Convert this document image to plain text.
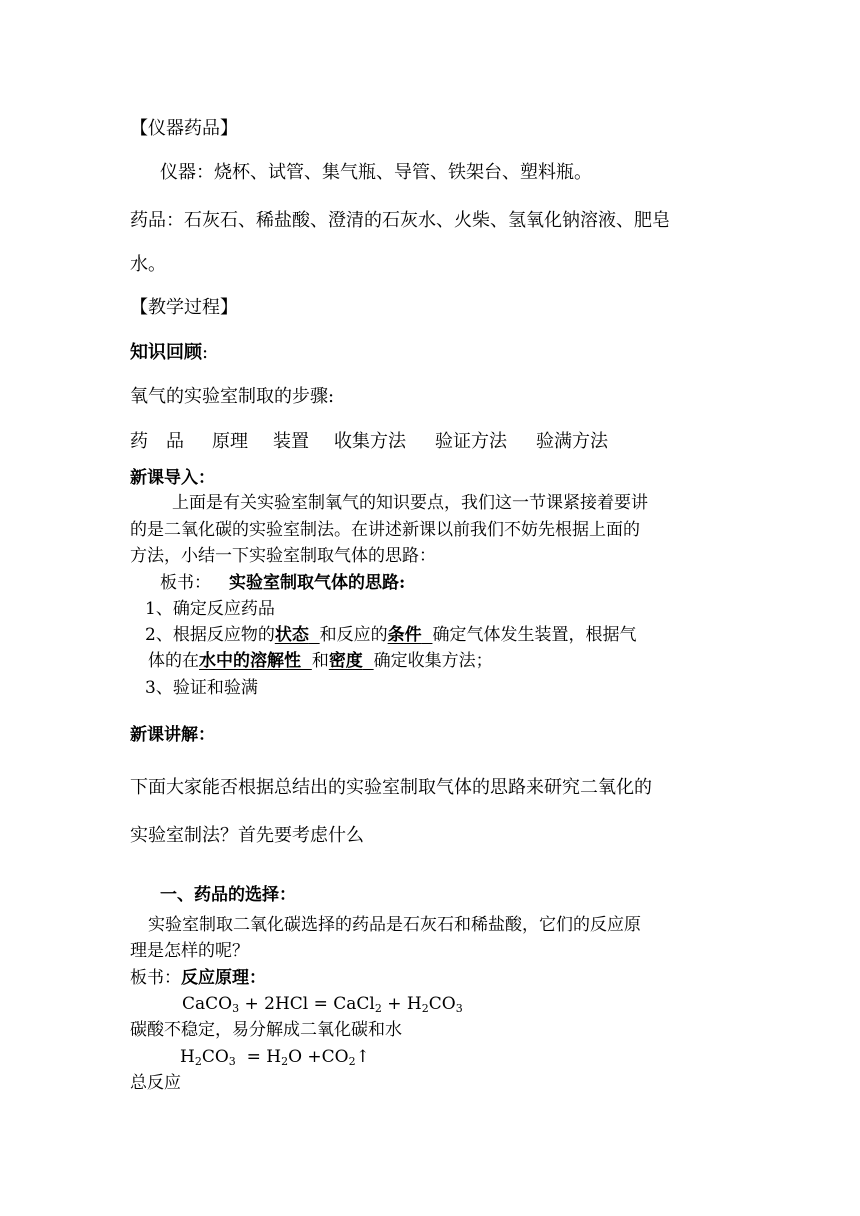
【仪器药品】
仪器：烧杯、试管、集气瓶、导管、铁架台、塑料瓶。
药品：石灰石、稀盐酸、澄清的石灰水、火柴、氢氧化钠溶液、肥皂
水。
【教学过程】
知识回顾:
氧气的实验室制取的步骤:
药　品 原理 装置 收集方法 验证方法 验满方法
新课导入：
上面是有关实验室制氧气的知识要点，我们这一节课紧接着要讲
的是二氧化碳的实验室制法。在讲述新课以前我们不妨先根据上面的
方法，小结一下实验室制取气体的思路：
板书： 实验室制取气体的思路:
1、确定反应药品
2、根据反应物的状态 和反应的条件 确定气体发生装置，根据气
体的在水中的溶解性 和密度 确定收集方法；
3、验证和验满
新课讲解：
下面大家能否根据总结出的实验室制取气体的思路来研究二氧化的
实验室制法？首先要考虑什么
一、药品的选择：
实验室制取二氧化碳选择的药品是石灰石和稀盐酸，它们的反应原
理是怎样的呢？
板书：反应原理：
CaCO$_3$ + 2HCl = CaCl$_2$ + $H_2CO_3$
碳酸不稳定，易分解成二氧化碳和水
$H_2CO_3 = H_2O$ $+CO_2↑$
总反应
